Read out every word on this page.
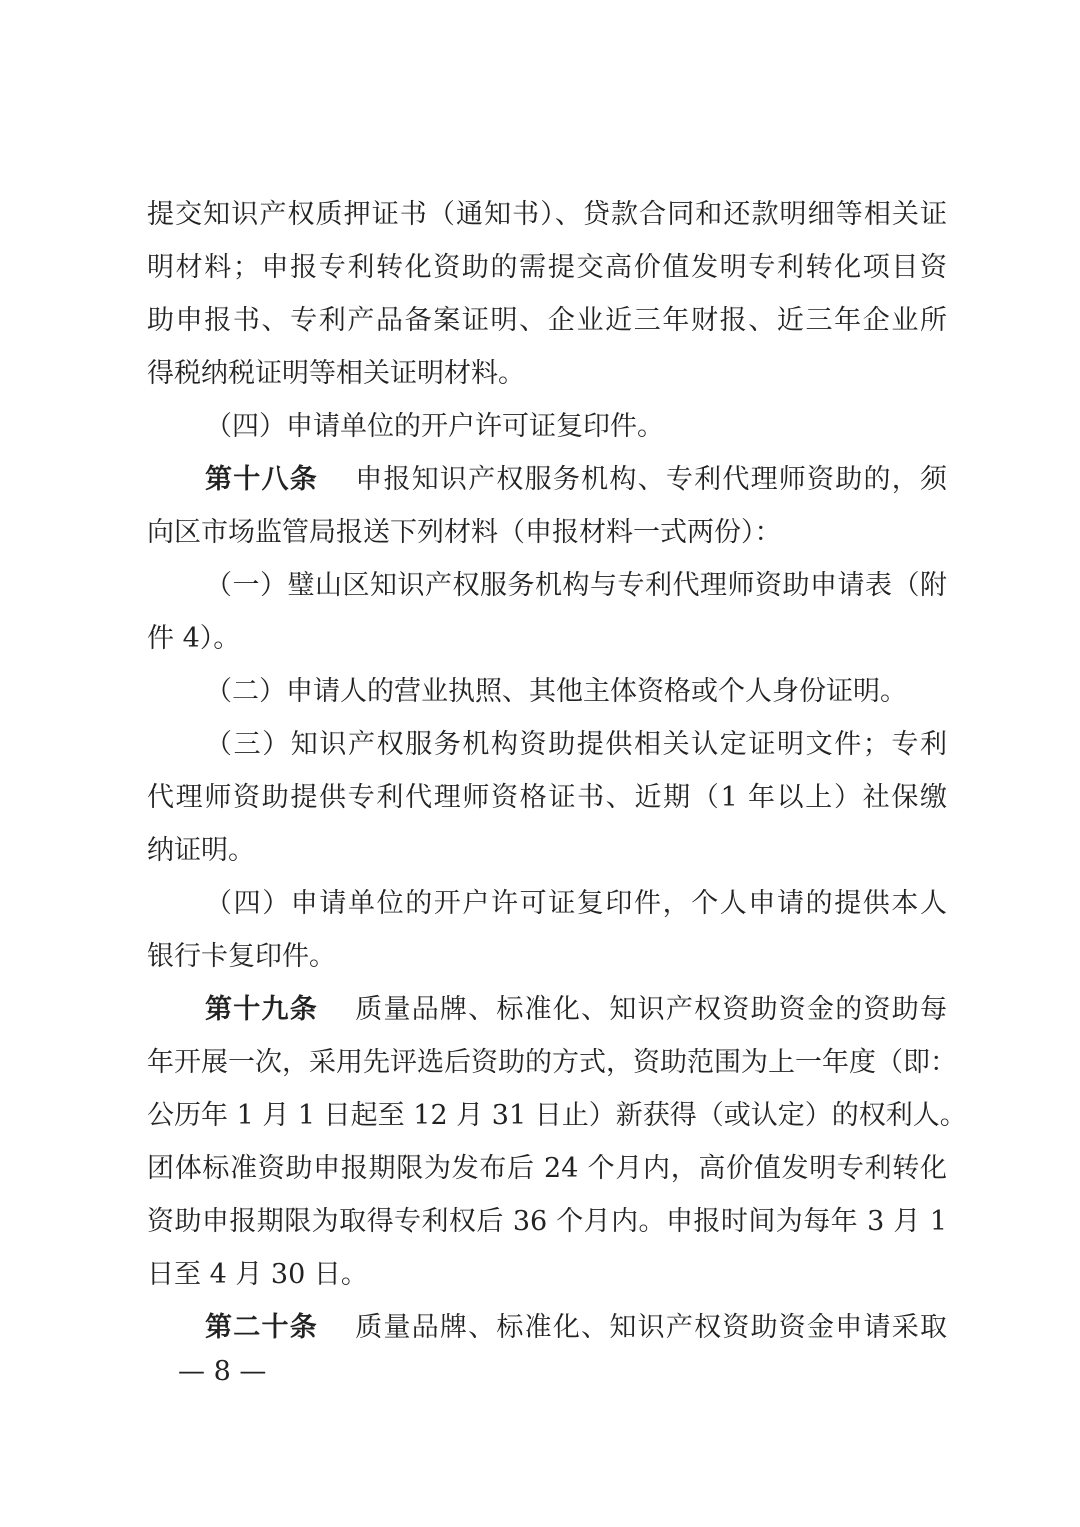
提交知识产权质押证书（通知书）、贷款合同和还款明细等相关证
明材料；申报专利转化资助的需提交高价值发明专利转化项目资
助申报书、专利产品备案证明、企业近三年财报、近三年企业所
得税纳税证明等相关证明材料。
（四）申请单位的开户许可证复印件。
第十八条 申报知识产权服务机构、专利代理师资助的，须
向区市场监管局报送下列材料（申报材料一式两份）：
（一）璧山区知识产权服务机构与专利代理师资助申请表（附
件 4）。
（二）申请人的营业执照、其他主体资格或个人身份证明。
（三）知识产权服务机构资助提供相关认定证明文件；专利
代理师资助提供专利代理师资格证书、近期（1 年以上）社保缴
纳证明。
（四）申请单位的开户许可证复印件，个人申请的提供本人
银行卡复印件。
第十九条 质量品牌、标准化、知识产权资助资金的资助每
年开展一次，采用先评选后资助的方式，资助范围为上一年度（即：
公历年 1 月 1 日起至 12 月 31 日止）新获得（或认定）的权利人。
团体标准资助申报期限为发布后 24 个月内，高价值发明专利转化
资助申报期限为取得专利权后 36 个月内。申报时间为每年 3 月 1
日至 4 月 30 日。
第二十条 质量品牌、标准化、知识产权资助资金申请采取
— 8 —
